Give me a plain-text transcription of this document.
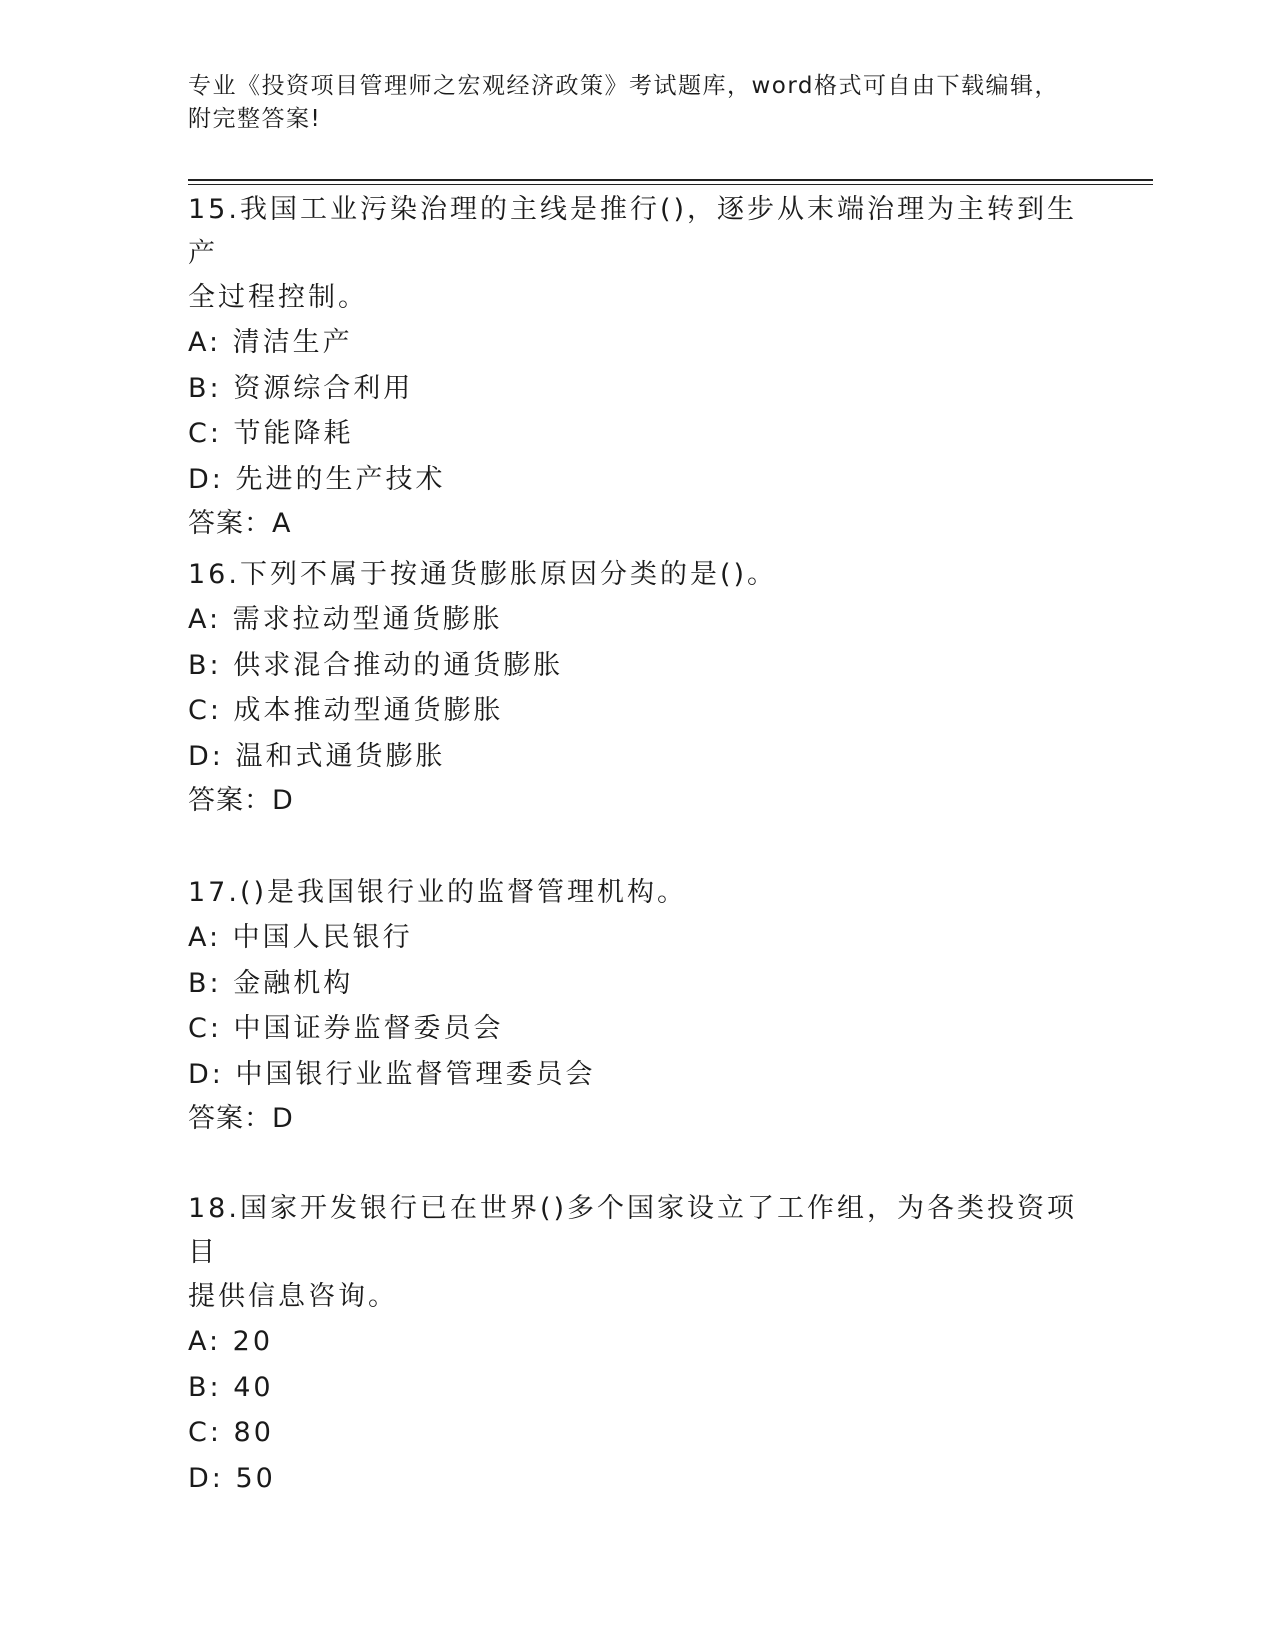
专业《投资项目管理师之宏观经济政策》考试题库，word格式可自由下载编辑，
附完整答案!
15.我国工业污染治理的主线是推行()，逐步从末端治理为主转到生产
全过程控制。
A: 清洁生产
B: 资源综合利用
C: 节能降耗
D: 先进的生产技术
答案：A
16.下列不属于按通货膨胀原因分类的是()。
A: 需求拉动型通货膨胀
B: 供求混合推动的通货膨胀
C: 成本推动型通货膨胀
D: 温和式通货膨胀
答案：D
17.()是我国银行业的监督管理机构。
A: 中国人民银行
B: 金融机构
C: 中国证券监督委员会
D: 中国银行业监督管理委员会
答案：D
18.国家开发银行已在世界()多个国家设立了工作组，为各类投资项目
提供信息咨询。
A: 20
B: 40
C: 80
D: 50
